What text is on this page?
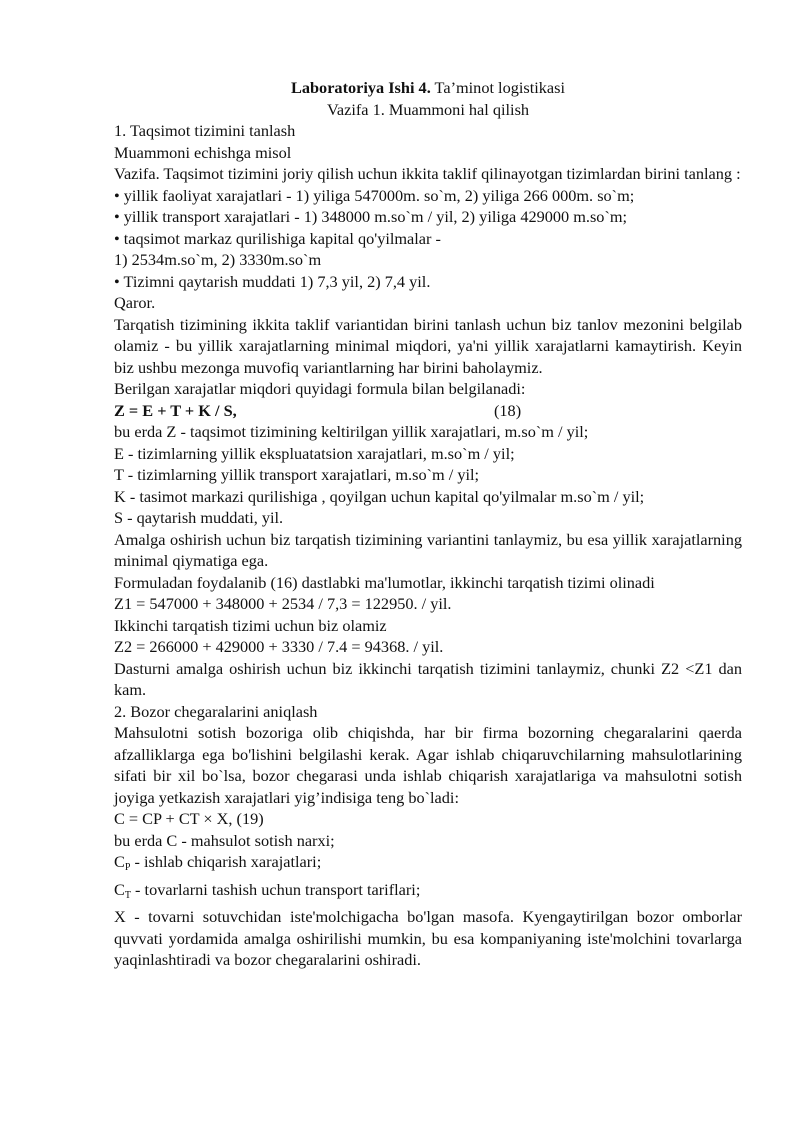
Laboratoriya Ishi 4. Ta’minot logistikasi

Vazifa 1. Muammoni hal qilish

1. Taqsimot tizimini tanlash

Muammoni echishga misol

Vazifa. Taqsimot tizimini joriy qilish uchun ikkita taklif qilinayotgan tizimlardan birini tanlang :

• yillik faoliyat xarajatlari - 1) yiliga 547000m. so`m, 2) yiliga 266 000m. so`m;

• yillik transport xarajatlari - 1) 348000 m.so`m / yil, 2) yiliga 429000 m.so`m;

• taqsimot markaz qurilishiga kapital qo'yilmalar -

1) 2534m.so`m, 2) 3330m.so`m

• Tizimni qaytarish muddati 1) 7,3 yil, 2) 7,4 yil.

Qaror.

Tarqatish tizimining ikkita taklif variantidan birini tanlash uchun biz tanlov mezonini belgilab olamiz - bu yillik xarajatlarning minimal miqdori, ya'ni yillik xarajatlarni kamaytirish. Keyin biz ushbu mezonga muvofiq variantlarning har birini baholaymiz.

Berilgan xarajatlar miqdori quyidagi formula bilan belgilanadi:

Z = E + T + K / S,	(18)

bu erda Z - taqsimot tizimining keltirilgan yillik xarajatlari, m.so`m / yil;

E - tizimlarning yillik ekspluatatsion xarajatlari, m.so`m / yil;

T - tizimlarning yillik transport xarajatlari, m.so`m / yil;

K - tasimot markazi qurilishiga , qoyilgan uchun kapital qo'yilmalar m.so`m / yil;

S - qaytarish muddati, yil.

Amalga oshirish uchun biz tarqatish tizimining variantini tanlaymiz, bu esa yillik xarajatlarning minimal qiymatiga ega.

Formuladan foydalanib (16) dastlabki ma'lumotlar, ikkinchi tarqatish tizimi olinadi

Z1 = 547000 + 348000 + 2534 / 7,3 = 122950. / yil.

Ikkinchi tarqatish tizimi uchun biz olamiz

Z2 = 266000 + 429000 + 3330 / 7.4 = 94368. / yil.

Dasturni amalga oshirish uchun biz ikkinchi tarqatish tizimini tanlaymiz, chunki Z2 <Z1 dan kam.

2. Bozor chegaralarini aniqlash

Mahsulotni sotish bozoriga olib chiqishda, har bir firma bozorning chegaralarini qaerda afzalliklarga ega bo'lishini belgilashi kerak. Agar ishlab chiqaruvchilarning mahsulotlarining sifati bir xil bo`lsa, bozor chegarasi unda ishlab chiqarish xarajatlariga va mahsulotni sotish joyiga yetkazish xarajatlari yig’indisiga teng bo`ladi:

C = CP + CT × X, (19)

bu erda C - mahsulot sotish narxi;

$C_P$ - ishlab chiqarish xarajatlari;

$C_T$ - tovarlarni tashish uchun transport tariflari;

X - tovarni sotuvchidan iste'molchigacha bo'lgan masofa. Kyengaytirilgan bozor omborlar quvvati yordamida amalga oshirilishi mumkin, bu esa kompaniyaning iste'molchini tovarlarga yaqinlashtiradi va bozor chegaralarini oshiradi.
